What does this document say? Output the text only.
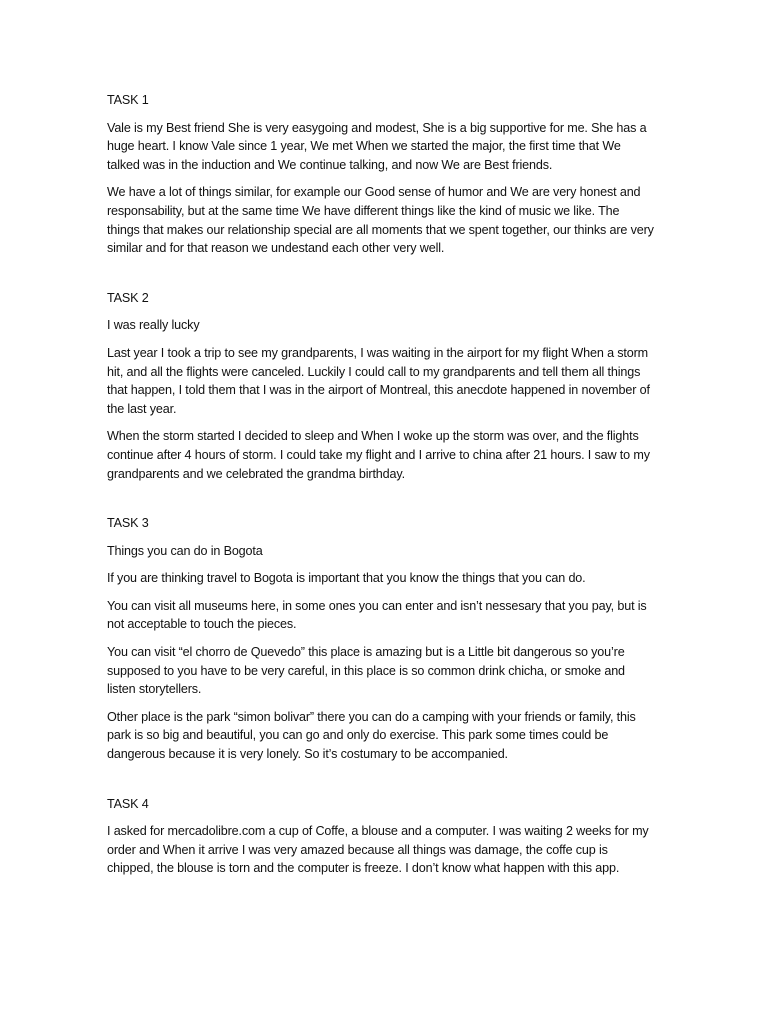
TASK 1

Vale is my Best friend She is very easygoing and modest, She is a big supportive for me. She has a huge heart. I know Vale since 1 year, We met When we started the major, the first time that We talked was in the induction and We continue talking, and now We are Best friends.

We have a lot of things similar, for example our Good sense of humor and We are very honest and responsability, but at the same time We have different things like the kind of music we like. The things that makes our relationship special are all moments that we spent together, our thinks are very similar and for that reason we undestand each other very well.

TASK 2

I was really lucky

Last year I took a trip to see my grandparents, I was waiting in the airport for my flight When a storm hit, and all the flights were canceled. Luckily I could call to my grandparents and tell them all things that happen, I told them that I was in the airport of Montreal, this anecdote happened in november of the last year.

When the storm started I decided to sleep and When I woke up the storm was over, and the flights continue after 4 hours of storm. I could take my flight and I arrive to china after 21 hours. I saw to my grandparents and we celebrated the grandma birthday.

TASK 3

Things you can do in Bogota

If you are thinking travel to Bogota is important that you know the things that you can do.

You can visit all museums here, in some ones you can enter and isn’t nessesary that you pay, but is not acceptable to touch the pieces.

You can visit “el chorro de Quevedo” this place is amazing but is a Little bit dangerous so you’re supposed to you have to be very careful, in this place is so common drink chicha, or smoke and listen storytellers.

Other place is the park “simon bolivar” there you can do a camping with your friends or family, this park is so big and beautiful, you can go and only do exercise. This park some times could be dangerous because it is very lonely. So it’s costumary to be accompanied.

TASK 4

I asked for mercadolibre.com a cup of Coffe, a blouse and a computer. I was waiting 2 weeks for my order and When it arrive I was very amazed because all things was damage, the coffe cup is chipped, the blouse is torn and the computer is freeze. I don’t know what happen with this app.
